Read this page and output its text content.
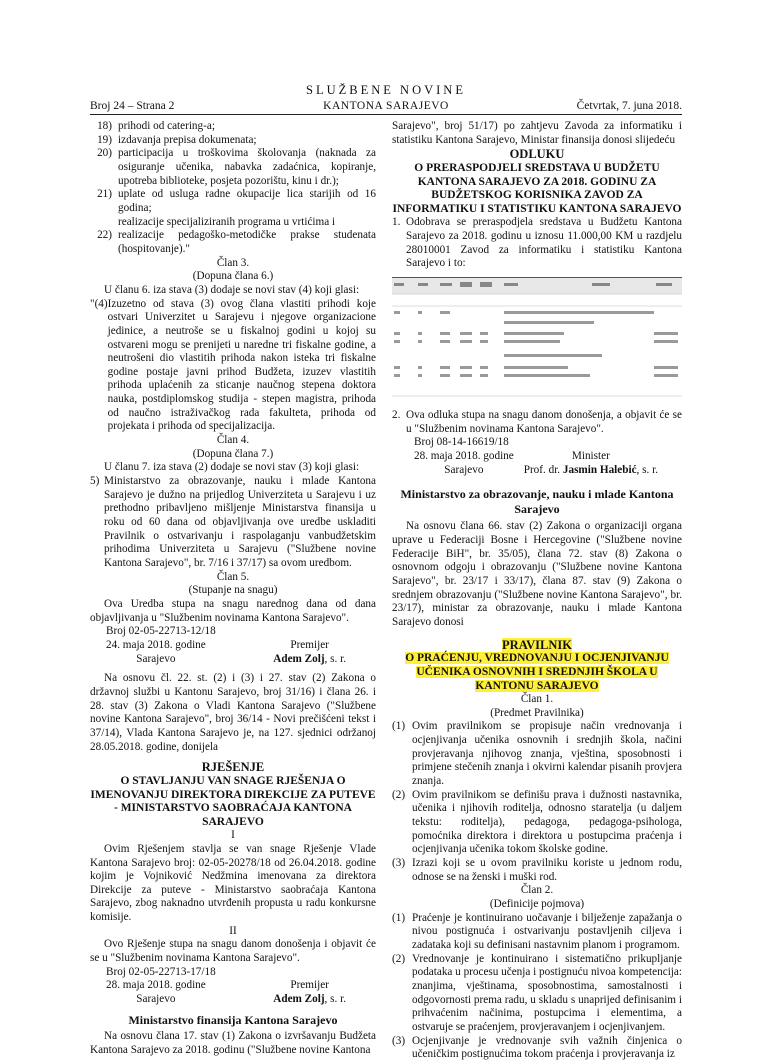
SLUŽBENE NOVINE
Broj 24 – Strana 2	KANTONA SARAJEVO	Četvrtak, 7. juna 2018.
18) prihodi od catering-a;
19) izdavanja prepisa dokumenata;
20) participacija u troškovima školovanja (naknada za osiguranje učenika, nabavka zadaćnica, kopiranje, upotreba biblioteke, posjeta pozorištu, kinu i dr.);
21) uplate od usluga radne okupacije lica starijih od 16 godina;
realizacije specijaliziranih programa u vrtićima i
22) realizacije pedagoško-metodičke prakse studenata (hospitovanje)."
Član 3.
(Dopuna člana 6.)

U članu 6. iza stava (3) dodaje se novi stav (4) koji glasi:

"(4) Izuzetno od stava (3) ovog člana vlastiti prihodi koje ostvari Univerzitet u Sarajevu i njegove organizacione jedinice, a neutroše se u fiskalnoj godini u kojoj su ostvareni mogu se prenijeti u naredne tri fiskalne godine, a neutrošeni dio vlastitih prihoda nakon isteka tri fiskalne godine postaje javni prihod Budžeta, izuzev vlastitih prihoda uplaćenih za sticanje naučnog stepena doktora nauka, postdiplomskog studija - stepen magistra, prihoda od naučno istraživačkog rada fakulteta, prihoda od projekata i prihoda od specijalizacija.
Član 4.
(Dopuna člana 7.)

U članu 7. iza stava (2) dodaje se novi stav (3) koji glasi:

5) Ministarstvo za obrazovanje, nauku i mlade Kantona Sarajevo je dužno na prijedlog Univerziteta u Sarajevu i uz prethodno pribavljeno mišljenje Ministarstva finansija u roku od 60 dana od objavljivanja ove uredbe uskladiti Pravilnik o ostvarivanju i raspolaganju vanbudžetskim prihodima Univerziteta u Sarajevu ("Službene novine Kantona Sarajevo", br. 7/16 i 37/17) sa ovom uredbom.
Član 5.
(Stupanje na snagu)

Ova Uredba stupa na snagu narednog dana od dana objavljivanja u "Službenim novinama Kantona Sarajevo".

Broj 02-05-22713-12/18
24. maja 2018. godine
Sarajevo
Premijer
Adem Zolj, s. r.

Na osnovu čl. 22. st. (2) i (3) i 27. stav (2) Zakona o državnoj službi u Kantonu Sarajevo, broj 31/16) i člana 26. i 28. stav (3) Zakona o Vladi Kantona Sarajevo ("Službene novine Kantona Sarajevo", broj 36/14 - Novi prečišćeni tekst i 37/14), Vlada Kantona Sarajevo je, na 127. sjednici održanoj 28.05.2018. godine, donijela

RJEŠENJE
O STAVLJANJU VAN SNAGE RJEŠENJA O IMENOVANJU DIREKTORA DIREKCIJE ZA PUTEVE - MINISTARSTVO SAOBRAĆAJA KANTONA SARAJEVO
I

Ovim Rješenjem stavlja se van snage Rješenje Vlade Kantona Sarajevo broj: 02-05-20278/18 od 26.04.2018. godine kojim je Vojniković Nedžmina imenovana za direktora Direkcije za puteve - Ministarstvo saobraćaja Kantona Sarajevo, zbog naknadno utvrđenih propusta u radu konkursne komisije.

II

Ovo Rješenje stupa na snagu danom donošenja i objavit će se u "Službenim novinama Kantona Sarajevo".

Broj 02-05-22713-17/18
28. maja 2018. godine
Sarajevo
Premijer
Adem Zolj, s. r.
Ministarstvo finansija Kantona Sarajevo

Na osnovu člana 17. stav (1) Zakona o izvršavanju Budžeta Kantona Sarajevo za 2018. godinu ("Službene novine Kantona

Sarajevo", broj 51/17) po zahtjevu Zavoda za informatiku i statistiku Kantona Sarajevo, Ministar finansija donosi slijedeću

ODLUKU
O PRERASPODJELI SREDSTAVA U BUDŽETU KANTONA SARAJEVO ZA 2018. GODINU ZA BUDŽETSKOG KORISNIKA ZAVOD ZA INFORMATIKU I STATISTIKU KANTONA SARAJEVO
1. Odobrava se preraspodjela sredstava u Budžetu Kantona Sarajevo za 2018. godinu u iznosu 11.000,00 KM u razdjelu 28010001 Zavod za informatiku i statistiku Kantona Sarajevo i to:
2. Ova odluka stupa na snagu danom donošenja, a objavit će se u "Službenim novinama Kantona Sarajevo".
Broj 08-14-16619/18
28. maja 2018. godine
Sarajevo
Minister
Prof. dr. Jasmin Halebić, s. r.
Ministarstvo za obrazovanje, nauku i mlade Kantona Sarajevo

Na osnovu člana 66. stav (2) Zakona o organizaciji organa uprave u Federaciji Bosne i Hercegovine ("Službene novine Federacije BiH", br. 35/05), člana 72. stav (8) Zakona o osnovnom odgoju i obrazovanju ("Službene novine Kantona Sarajevo", br. 23/17 i 33/17), člana 87. stav (9) Zakona o srednjem obrazovanju ("Službene novine Kantona Sarajevo", br. 23/17), ministar za obrazovanje, nauku i mlade Kantona Sarajevo donosi

PRAVILNIK
O PRAĆENJU, VREDNOVANJU I OCJENJIVANJU UČENIKA OSNOVNIH I SREDNJIH ŠKOLA U KANTONU SARAJEVO
Član 1.
(Predmet Pravilnika)
(1) Ovim pravilnikom se propisuje način vrednovanja i ocjenjivanja učenika osnovnih i srednjih škola, načini provjeravanja njihovog znanja, vještina, sposobnosti i primjene stečenih znanja i okvirni kalendar pisanih provjera znanja.
(2) Ovim pravilnikom se definišu prava i dužnosti nastavnika, učenika i njihovih roditelja, odnosno staratelja (u daljem tekstu: roditelja), pedagoga, pedagoga-psihologa, pomoćnika direktora i direktora u postupcima praćenja i ocjenjivanja učenika tokom školske godine.
(3) Izrazi koji se u ovom pravilniku koriste u jednom rodu, odnose se na ženski i muški rod.
Član 2.
(Definicije pojmova)
(1) Praćenje je kontinuirano uočavanje i bilježenje zapažanja o nivou postignuća i ostvarivanju postavljenih ciljeva i zadataka koji su definisani nastavnim planom i programom.
(2) Vrednovanje je kontinuirano i sistematično prikupljanje podataka u procesu učenja i postignuću nivoa kompetencija: znanjima, vještinama, sposobnostima, samostalnosti i odgovornosti prema radu, u skladu s unaprijed definisanim i prihvaćenim načinima, postupcima i elementima, a ostvaruje se praćenjem, provjeravanjem i ocjenjivanjem.
(3) Ocjenjivanje je vrednovanje svih važnih činjenica o učeničkim postignućima tokom praćenja i provjeravanja iz
